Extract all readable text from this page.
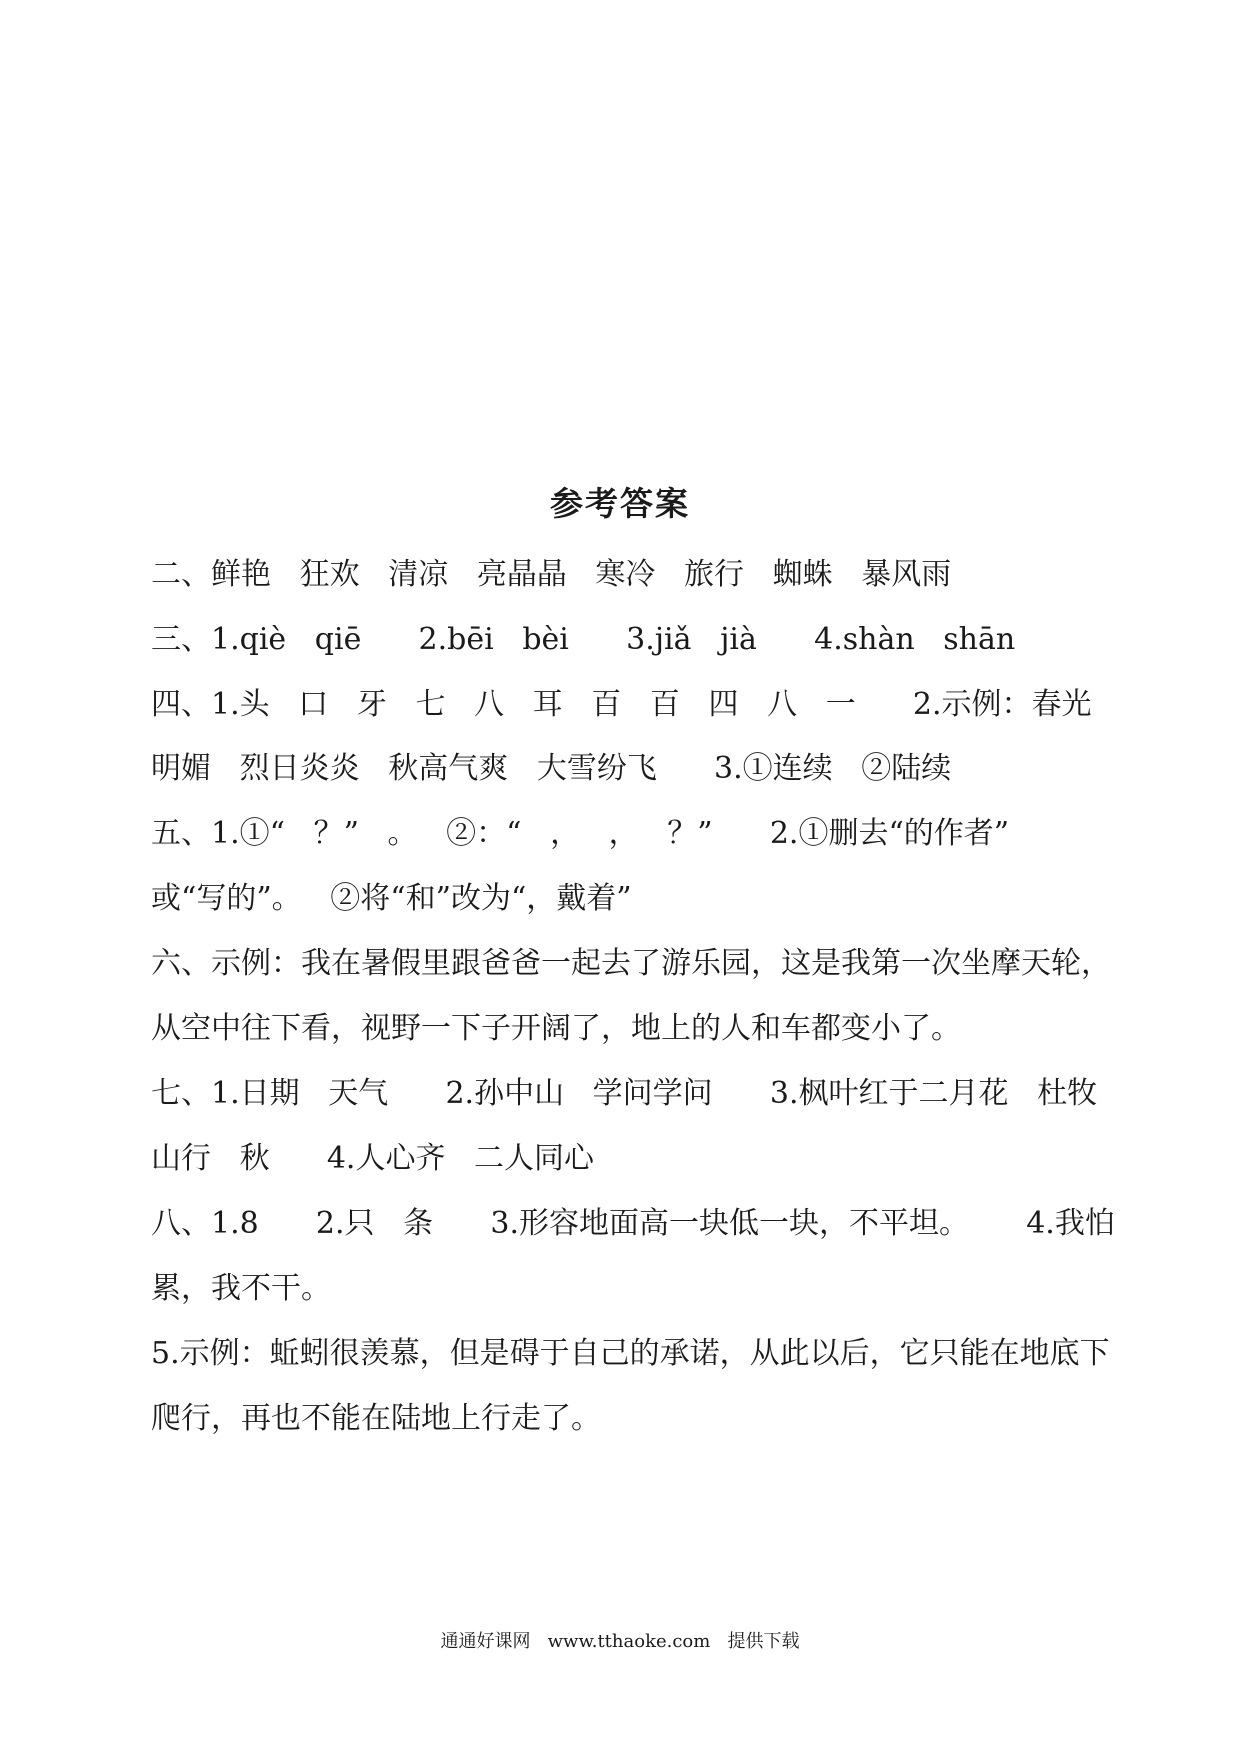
参考答案
二、鲜艳   狂欢   清凉   亮晶晶   寒冷   旅行   蜘蛛   暴风雨
三、1.qiè   qiē      2.bēi   bèi      3.jiǎ   jià      4.shàn   shān
四、1.头   口   牙   七   八   耳   百   百   四   八   一      2.示例：春光
明媚   烈日炎炎   秋高气爽   大雪纷飞      3.①连续   ②陆续
五、1.①“   ？”   。   ②：“   ，   ，   ？”      2.①删去“的作者”
或“写的”。   ②将“和”改为“，戴着”
六、示例：我在暑假里跟爸爸一起去了游乐园，这是我第一次坐摩天轮，
从空中往下看，视野一下子开阔了，地上的人和车都变小了。
七、1.日期   天气      2.孙中山   学问学问      3.枫叶红于二月花   杜牧
山行   秋      4.人心齐   二人同心
八、1.8      2.只   条      3.形容地面高一块低一块，不平坦。      4.我怕
累，我不干。
5.示例：蚯蚓很羡慕，但是碍于自己的承诺，从此以后，它只能在地底下
爬行，再也不能在陆地上行走了。
通通好课网   www.tthaoke.com   提供下载
